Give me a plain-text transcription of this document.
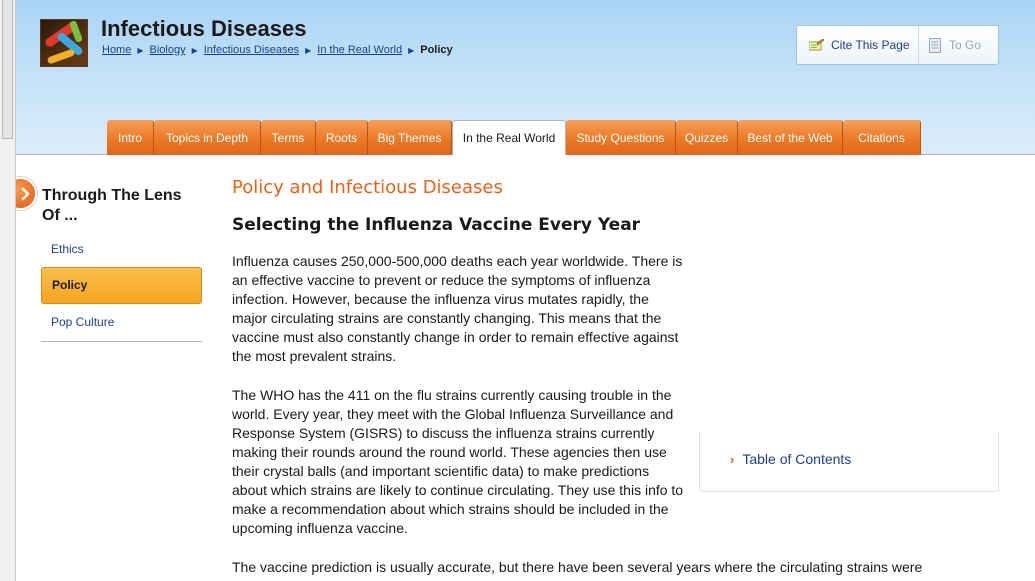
Infectious Diseases
Home ▶ Biology ▶ Infectious Diseases ▶ In the Real World ▶ Policy	Cite This Page	To Go
Intro	Topics in Depth	Terms	Roots	Big Themes	In the Real World	Study Questions	Quizzes	Best of the Web	Citations
Through The Lens Of ...
Ethics
Policy
Pop Culture
Policy and Infectious Diseases
Selecting the Influenza Vaccine Every Year
Influenza causes 250,000-500,000 deaths each year worldwide. There is an effective vaccine to prevent or reduce the symptoms of influenza infection. However, because the influenza virus mutates rapidly, the major circulating strains are constantly changing. This means that the vaccine must also constantly change in order to remain effective against the most prevalent strains.
The WHO has the 411 on the flu strains currently causing trouble in the world. Every year, they meet with the Global Influenza Surveillance and Response System (GISRS) to discuss the influenza strains currently making their rounds around the round world. These agencies then use their crystal balls (and important scientific data) to make predictions about which strains are likely to continue circulating. They use this info to make a recommendation about which strains should be included in the upcoming influenza vaccine.
The vaccine prediction is usually accurate, but there have been several years where the circulating strains were
› Table of Contents
